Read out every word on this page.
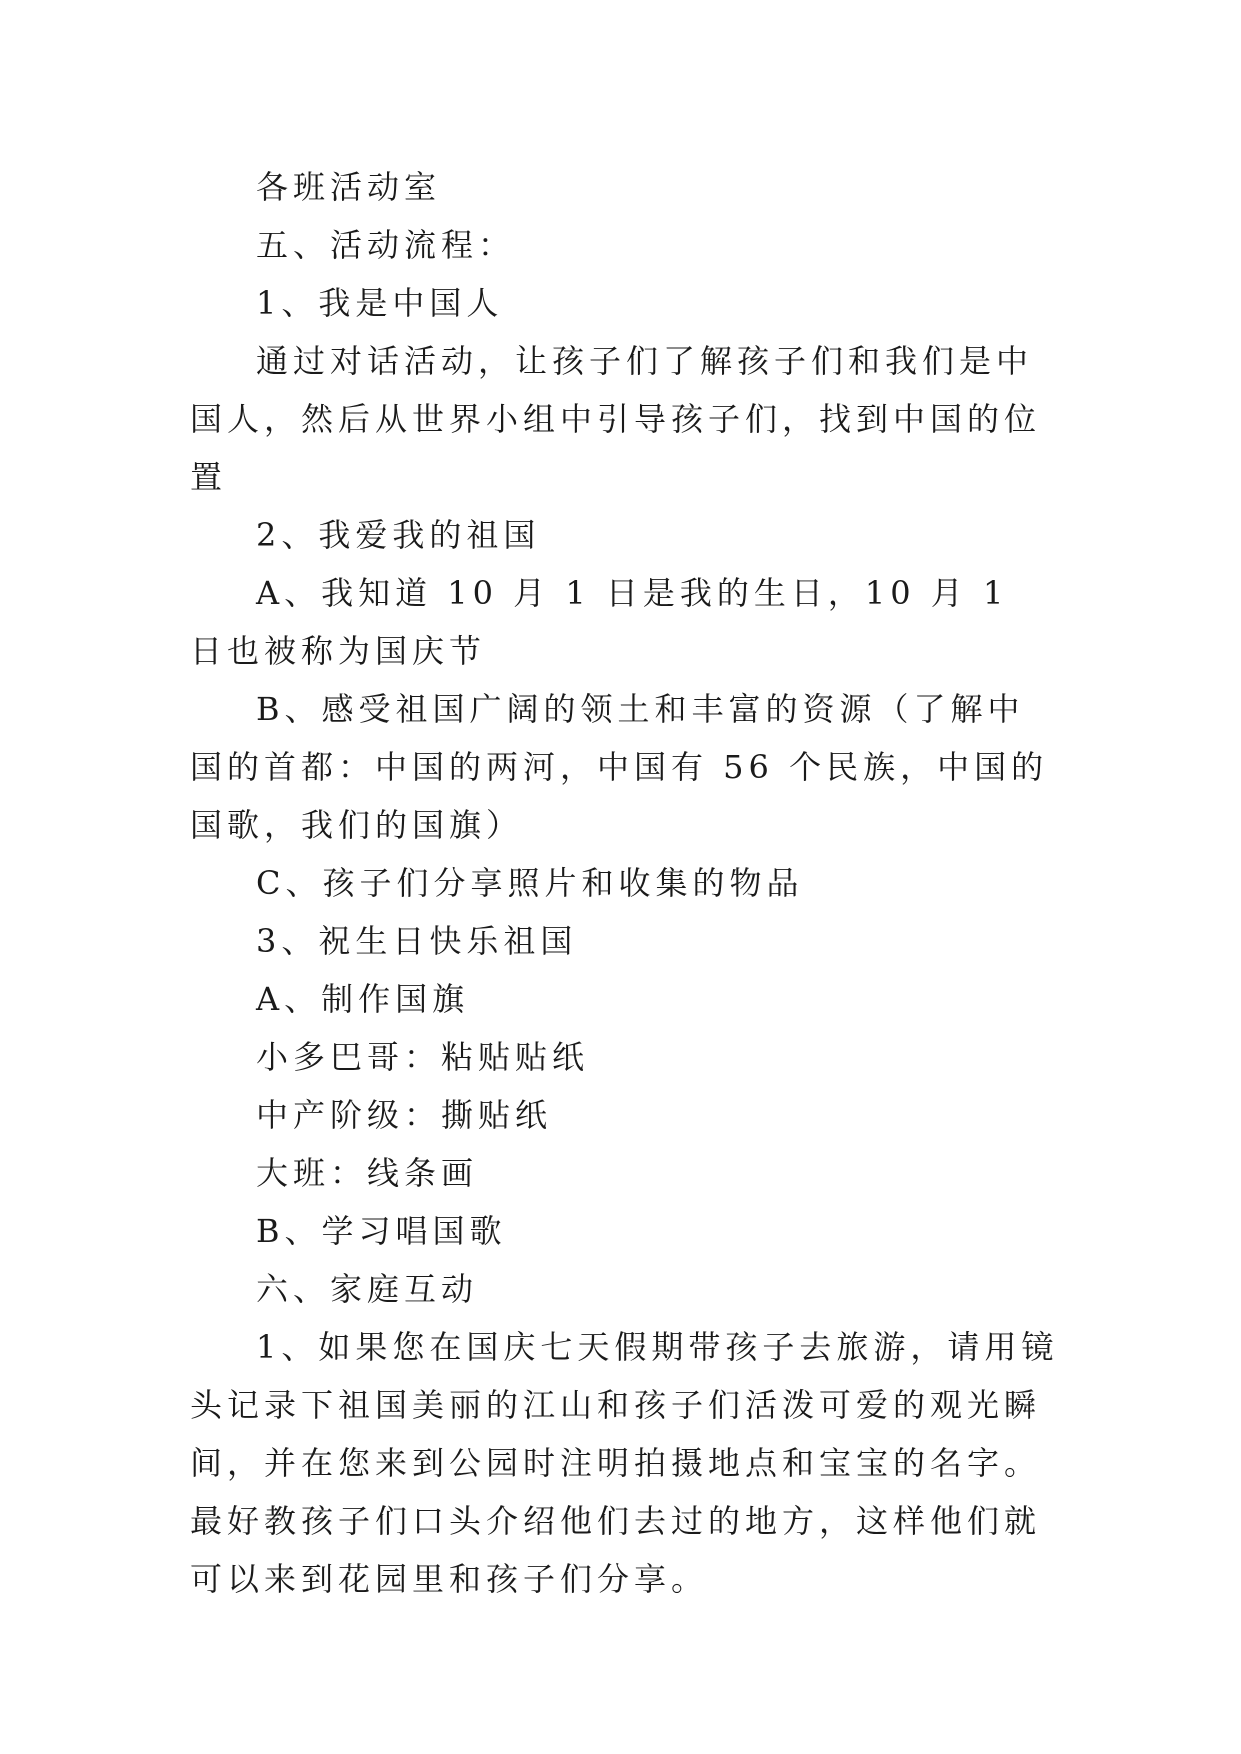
各班活动室

五、活动流程：

1、我是中国人

通过对话活动，让孩子们了解孩子们和我们是中国人，然后从世界小组中引导孩子们，找到中国的位置

2、我爱我的祖国

A、我知道 10 月 1 日是我的生日，10 月 1 日也被称为国庆节

B、感受祖国广阔的领土和丰富的资源（了解中国的首都：中国的两河，中国有 56 个民族，中国的国歌，我们的国旗）

C、孩子们分享照片和收集的物品

3、祝生日快乐祖国

A、制作国旗

小多巴哥：粘贴贴纸

中产阶级：撕贴纸

大班：线条画

B、学习唱国歌

六、家庭互动

1、如果您在国庆七天假期带孩子去旅游，请用镜头记录下祖国美丽的江山和孩子们活泼可爱的观光瞬间，并在您来到公园时注明拍摄地点和宝宝的名字。最好教孩子们口头介绍他们去过的地方，这样他们就可以来到花园里和孩子们分享。
